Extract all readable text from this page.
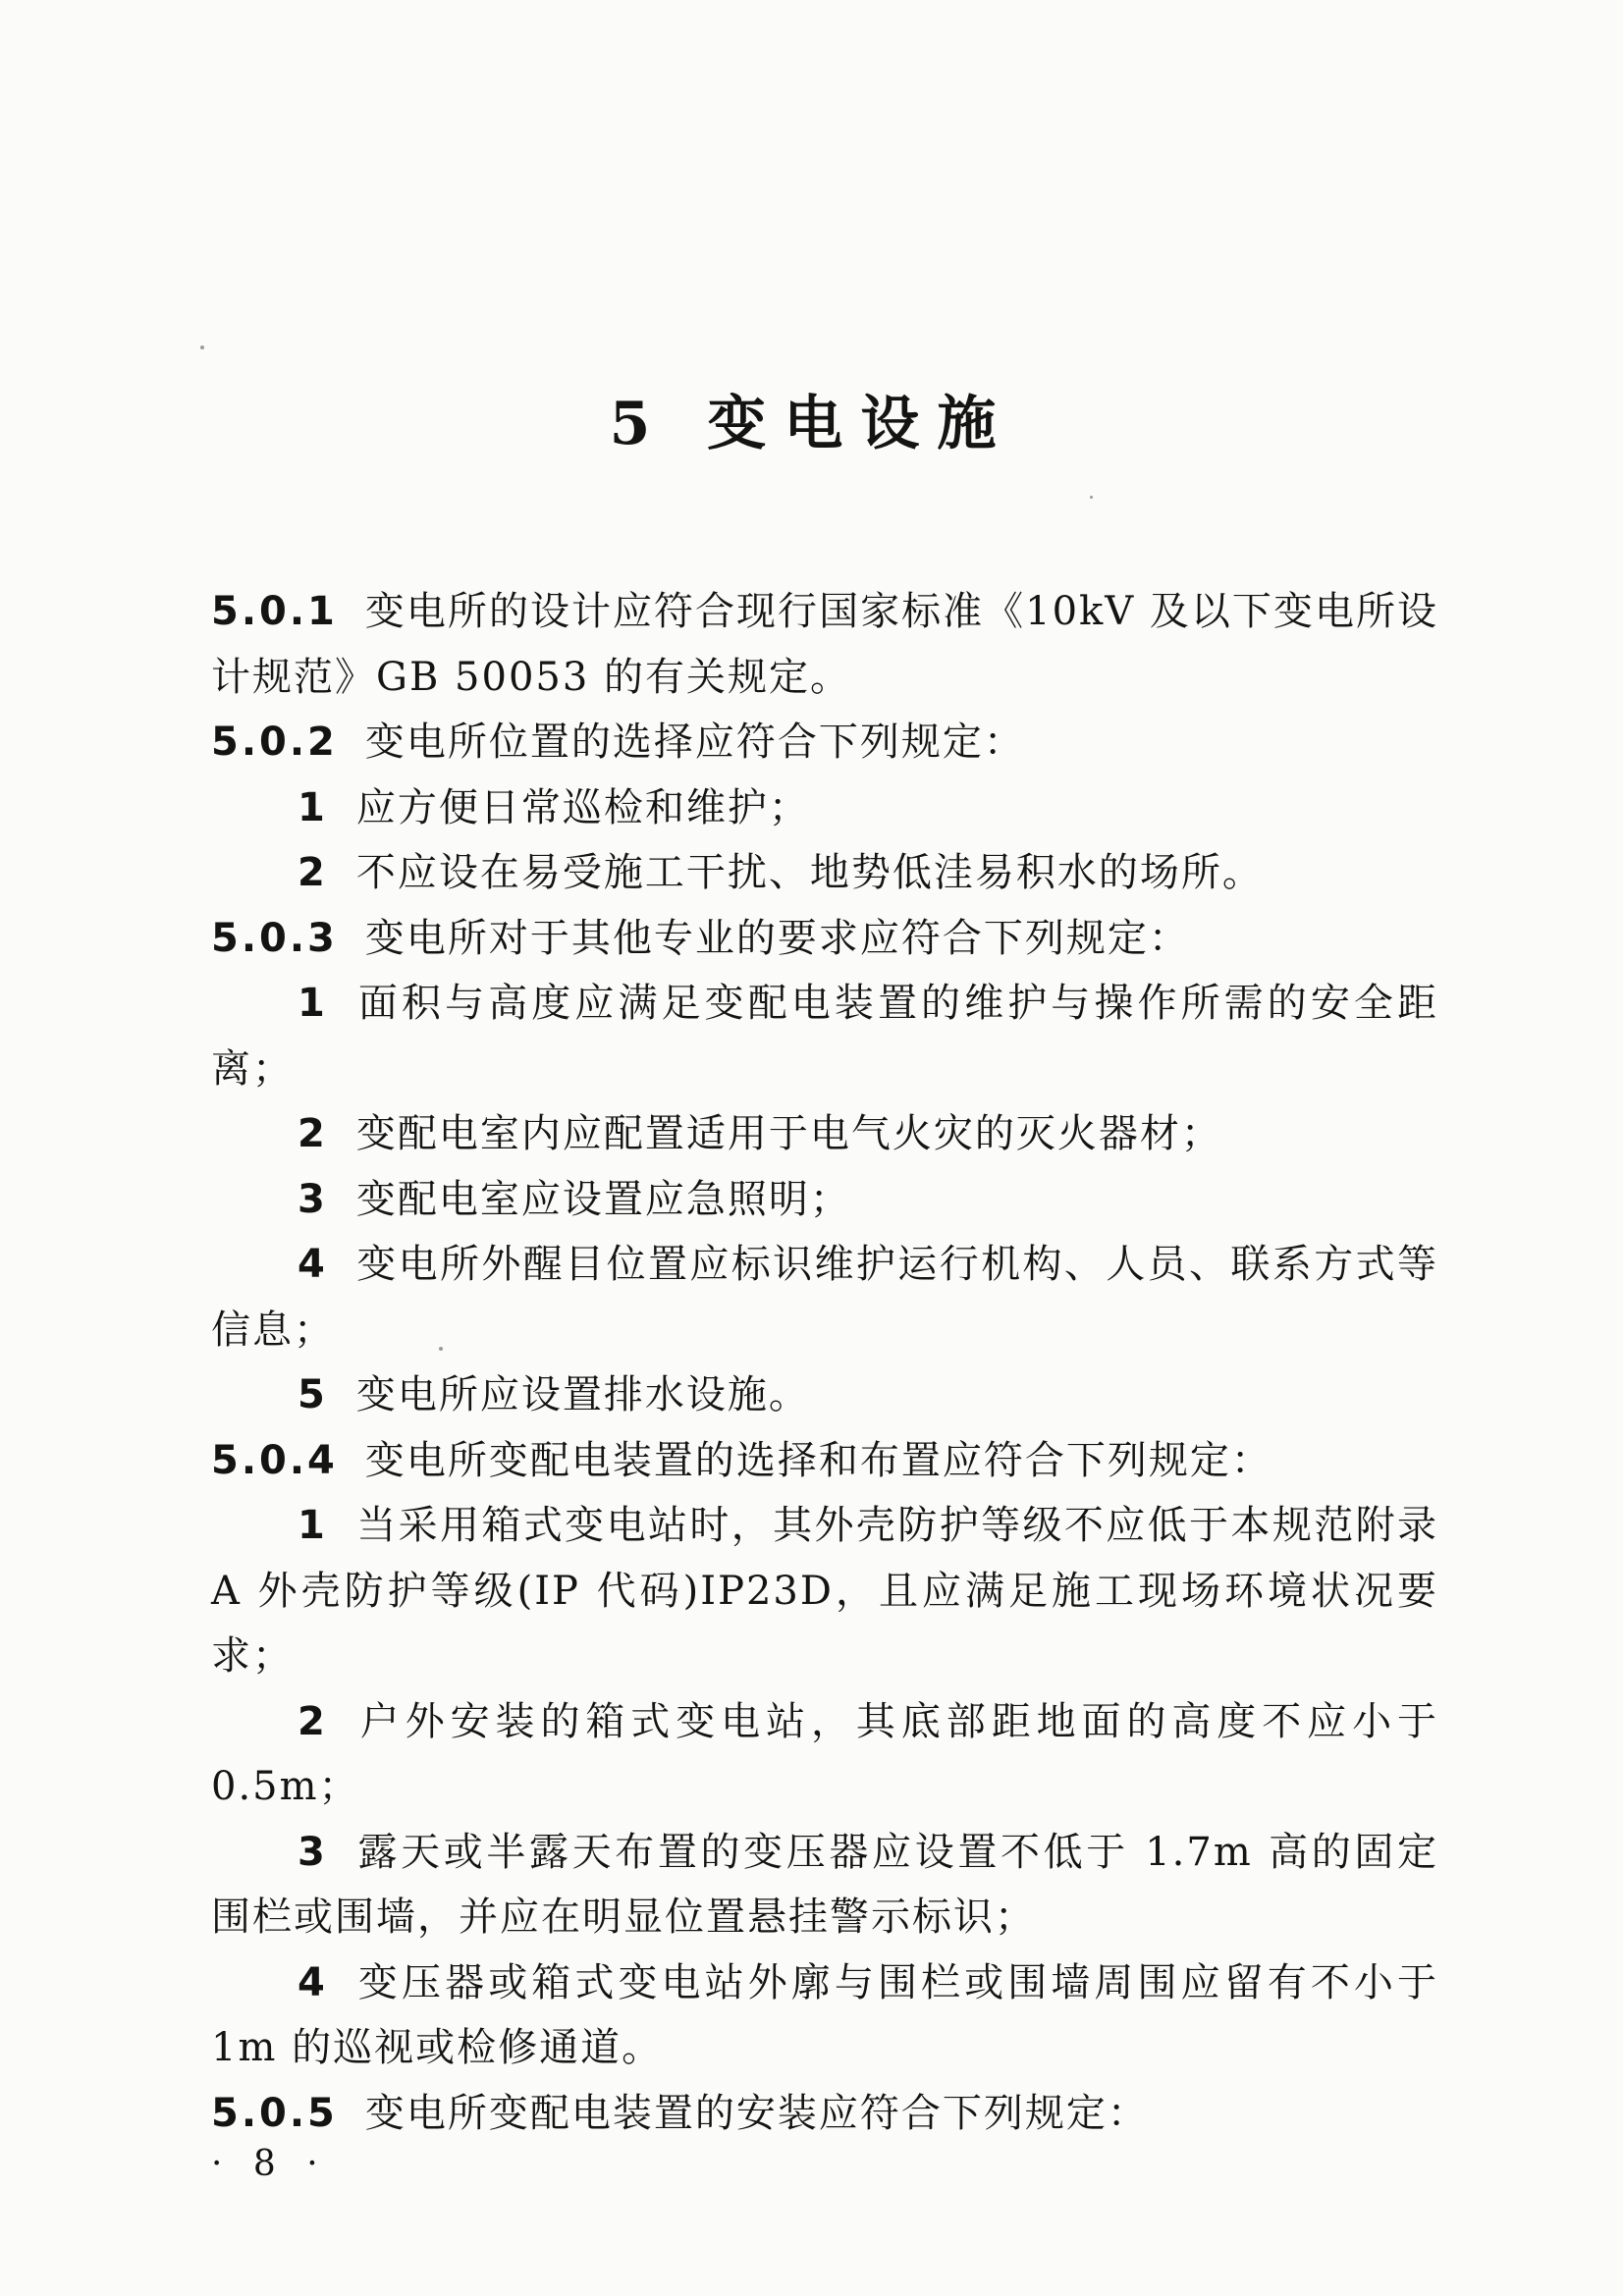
5 变电设施

5.0.1 变电所的设计应符合现行国家标准《10kV 及以下变电所设计规范》GB 50053 的有关规定。

5.0.2 变电所位置的选择应符合下列规定：

1 应方便日常巡检和维护；

2 不应设在易受施工干扰、地势低洼易积水的场所。

5.0.3 变电所对于其他专业的要求应符合下列规定：

1 面积与高度应满足变配电装置的维护与操作所需的安全距离；

2 变配电室内应配置适用于电气火灾的灭火器材；

3 变配电室应设置应急照明；

4 变电所外醒目位置应标识维护运行机构、人员、联系方式等信息；

5 变电所应设置排水设施。

5.0.4 变电所变配电装置的选择和布置应符合下列规定：

1 当采用箱式变电站时，其外壳防护等级不应低于本规范附录 A 外壳防护等级(IP 代码)IP23D，且应满足施工现场环境状况要求；

2 户外安装的箱式变电站，其底部距地面的高度不应小于 0.5m；

3 露天或半露天布置的变压器应设置不低于 1.7m 高的固定围栏或围墙，并应在明显位置悬挂警示标识；

4 变压器或箱式变电站外廓与围栏或围墙周围应留有不小于 1m 的巡视或检修通道。

5.0.5 变电所变配电装置的安装应符合下列规定：

· 8 ·
